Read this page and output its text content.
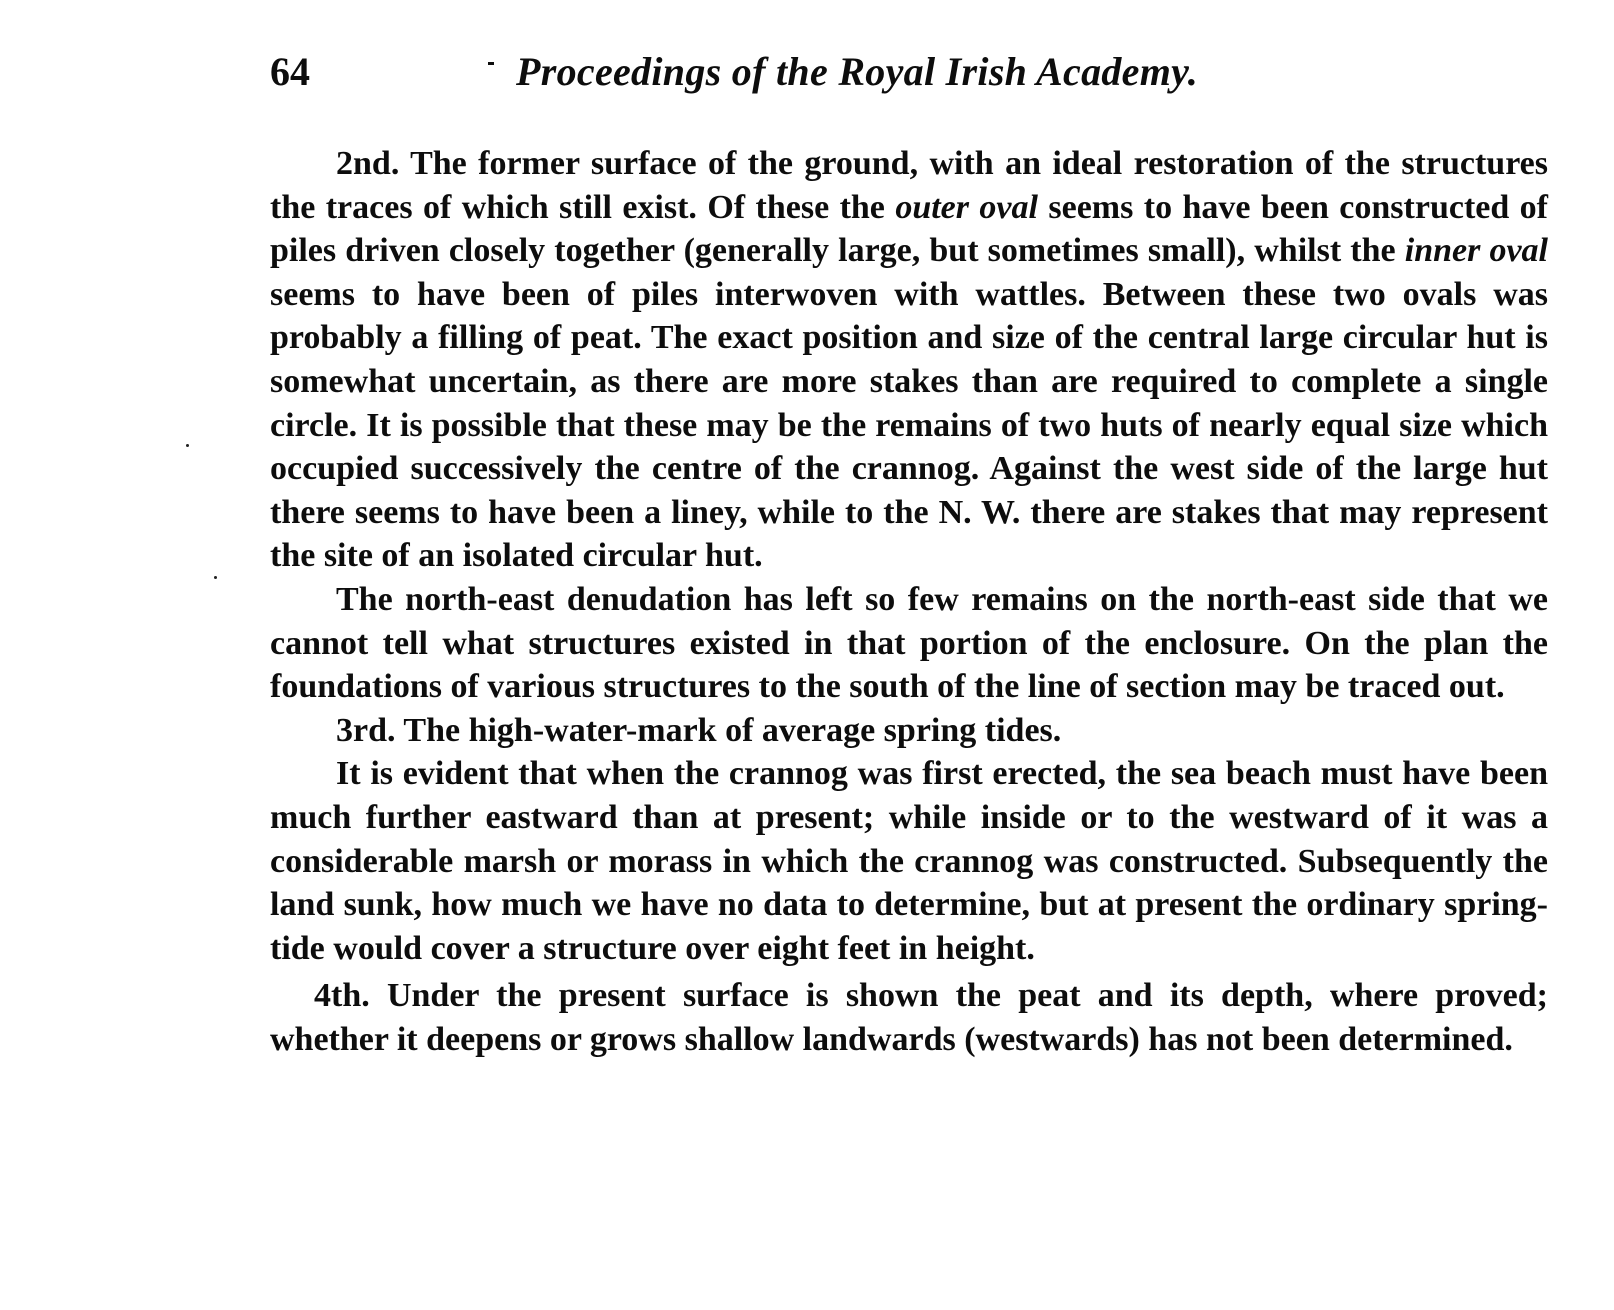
64	Proceedings of the Royal Irish Academy.

2nd. The former surface of the ground, with an ideal restoration of the structures the traces of which still exist. Of these the outer oval seems to have been constructed of piles driven closely together (generally large, but sometimes small), whilst the inner oval seems to have been of piles interwoven with wattles. Between these two ovals was probably a filling of peat. The exact position and size of the central large circular hut is somewhat uncertain, as there are more stakes than are required to complete a single circle. It is possible that these may be the remains of two huts of nearly equal size which occupied successively the centre of the crannog. Against the west side of the large hut there seems to have been a liney, while to the N. W. there are stakes that may represent the site of an isolated circular hut.

The north-east denudation has left so few remains on the north-east side that we cannot tell what structures existed in that portion of the enclosure. On the plan the foundations of various structures to the south of the line of section may be traced out.

3rd. The high-water-mark of average spring tides.

It is evident that when the crannog was first erected, the sea beach must have been much further eastward than at present; while inside or to the westward of it was a considerable marsh or morass in which the crannog was constructed. Subsequently the land sunk, how much we have no data to determine, but at present the ordinary spring-tide would cover a structure over eight feet in height.

4th. Under the present surface is shown the peat and its depth, where proved; whether it deepens or grows shallow landwards (westwards) has not been determined.
